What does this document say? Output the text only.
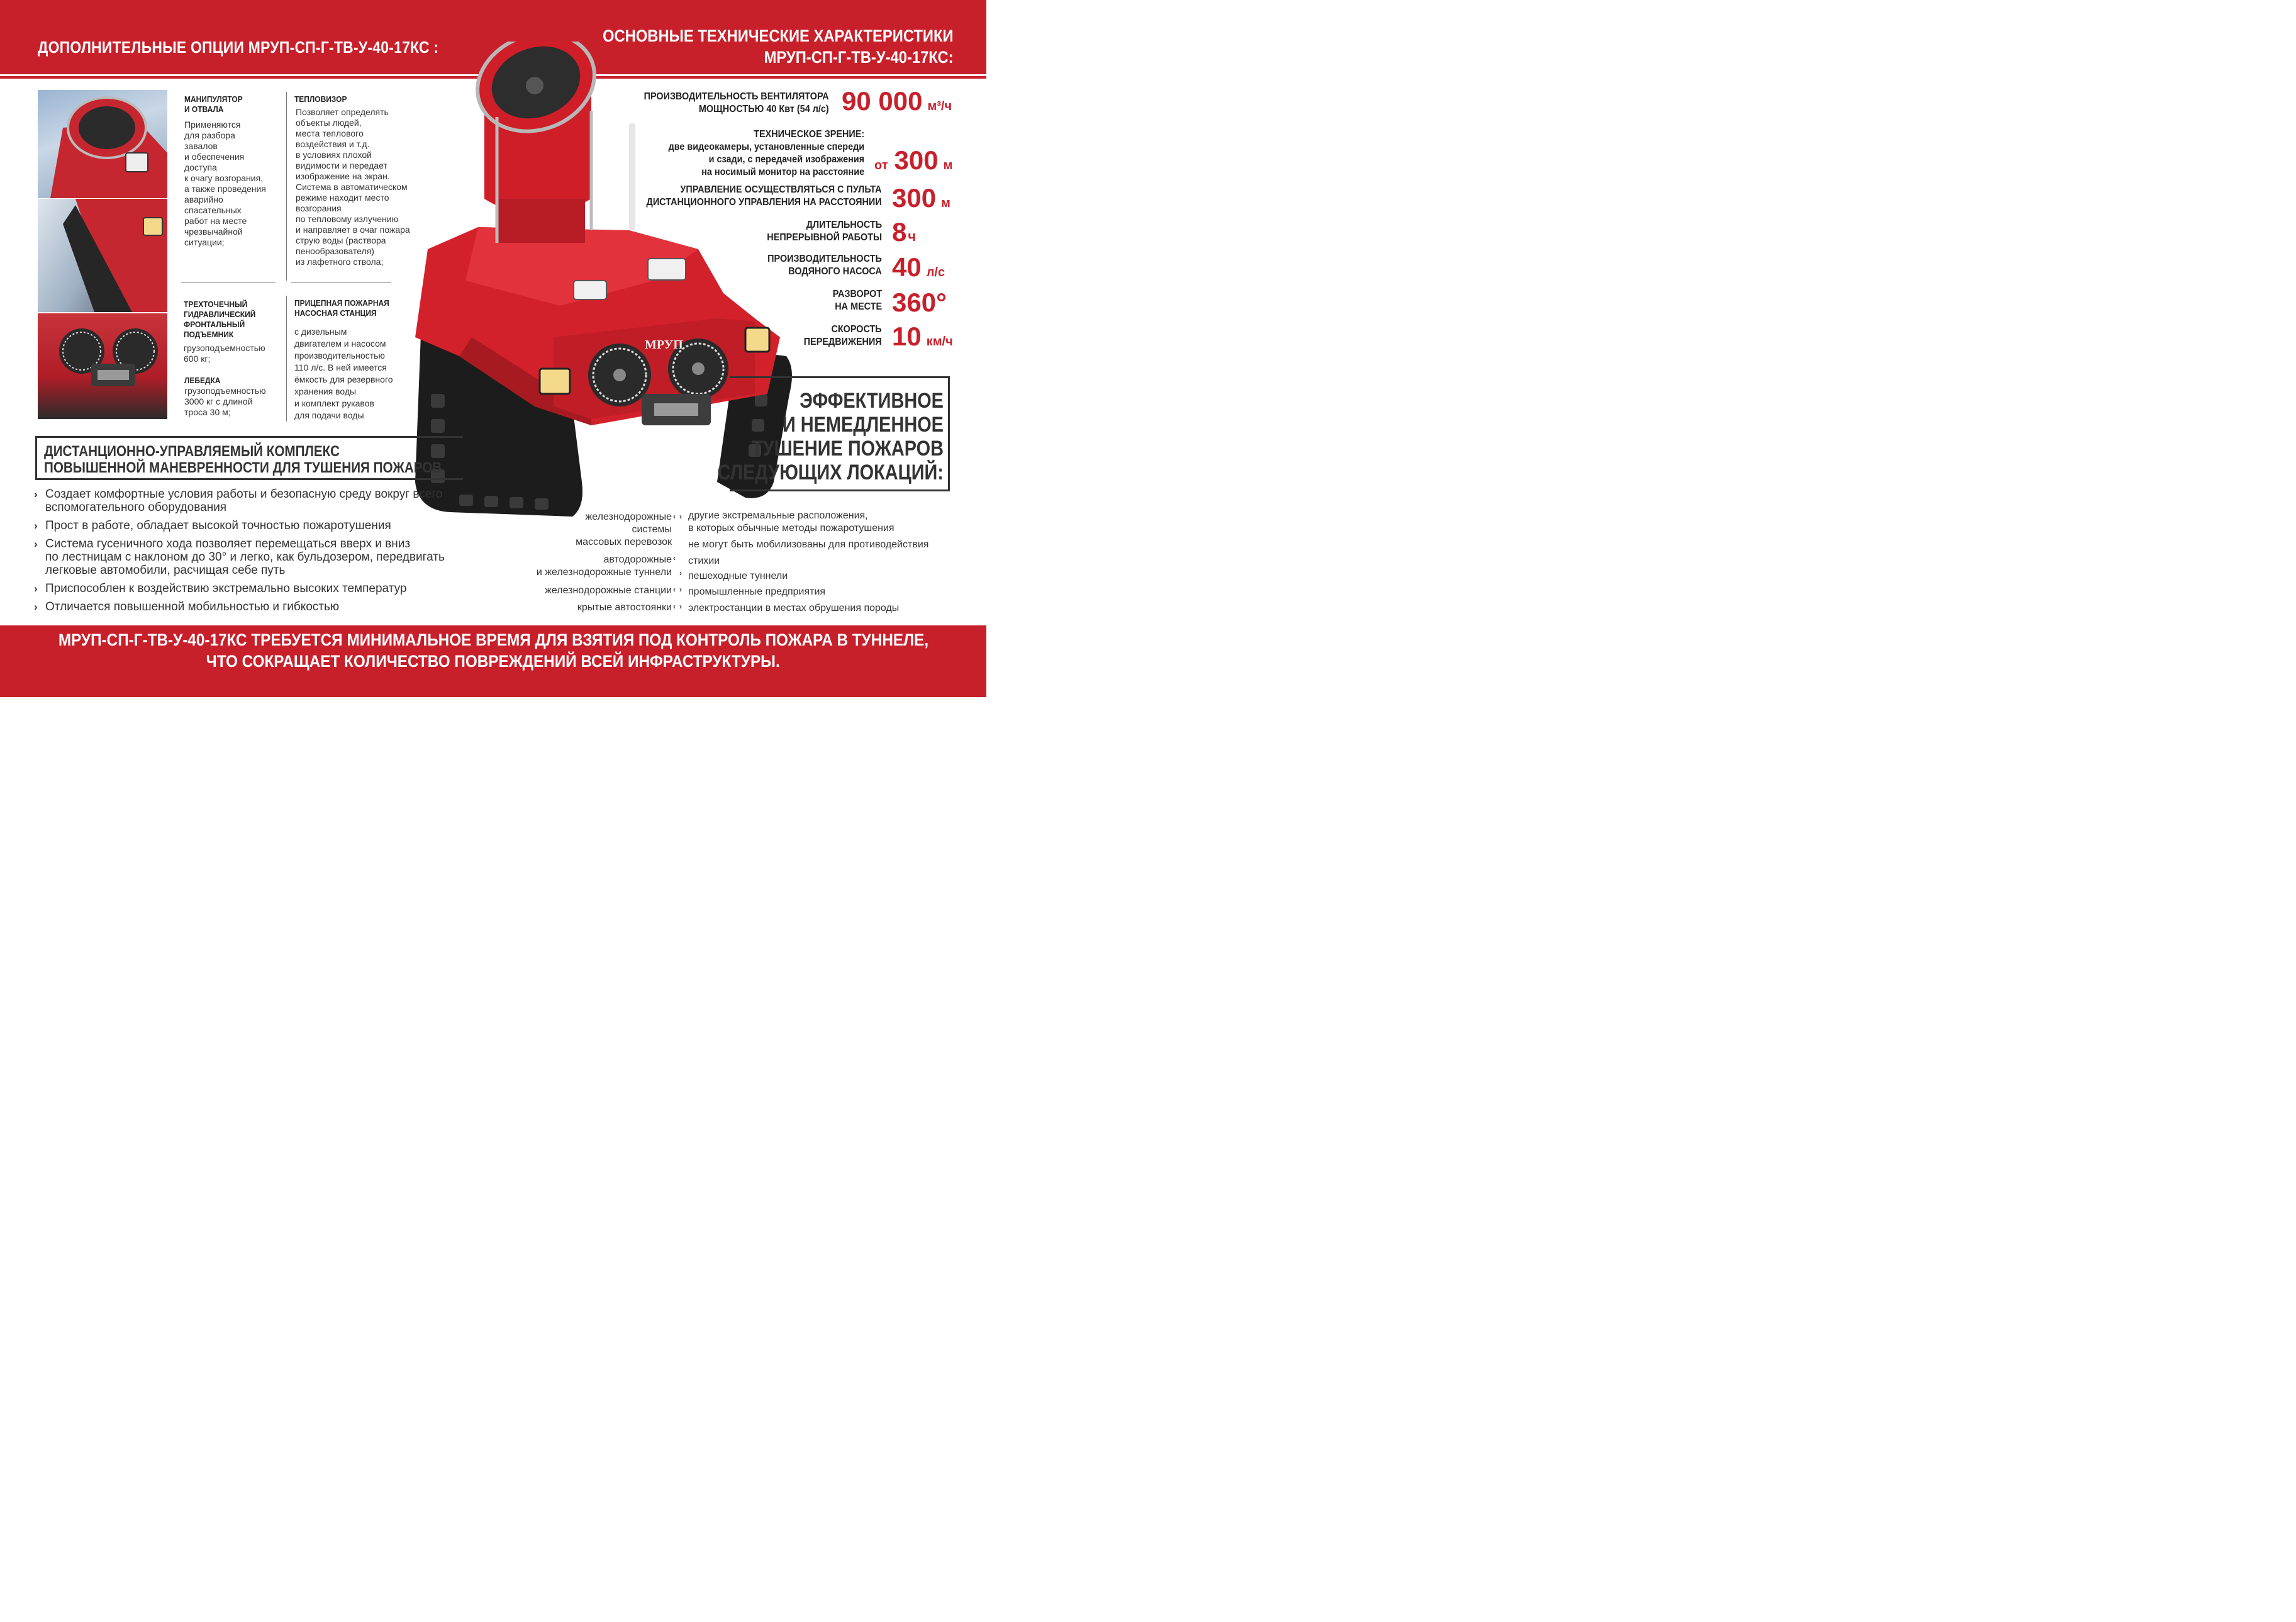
ДОПОЛНИТЕЛЬНЫЕ ОПЦИИ МРУП-СП-Г-ТВ-У-40-17КС :
ОСНОВНЫЕ ТЕХНИЧЕСКИЕ ХАРАКТЕРИСТИКИ
МРУП-СП-Г-ТВ-У-40-17КС:
МРУП
МАНИПУЛЯТОР
И ОТВАЛА
Применяются
для разбора
завалов
и обеспечения
доступа
к очагу возгорания,
а также проведения
аварийно
спасательных
работ на месте
чрезвычайной
ситуации;
ТЕПЛОВИЗОР
Позволяет определять
объекты людей,
места теплового
воздействия и т.д.
в условиях плохой
видимости и передает
изображение на экран.
Система в автоматическом
режиме находит место
возгорания
по тепловому излучению
и направляет в очаг пожара
струю воды (раствора
пенообразователя)
из лафетного ствола;
ТРЕХТОЧЕЧНЫЙ
ГИДРАВЛИЧЕСКИЙ
ФРОНТАЛЬНЫЙ
ПОДЪЕМНИК
грузоподъемностью
600 кг;
ЛЕБЕДКА
грузоподъемностью
3000 кг с длиной
троса 30 м;
ПРИЦЕПНАЯ ПОЖАРНАЯ
НАСОСНАЯ СТАНЦИЯ
с дизельным
двигателем и насосом
производительностью
110 л/с. В ней имеется
ёмкость для резервного
хранения воды
и комплект рукавов
для подачи воды
ПРОИЗВОДИТЕЛЬНОСТЬ ВЕНТИЛЯТОРА
МОЩНОСТЬЮ 40 Квт (54 л/с) 90 000 м³/ч
ТЕХНИЧЕСКОЕ ЗРЕНИЕ:
две видеокамеры, установленные спереди
и сзади, с передачей изображения
на носимый монитор на расстояние от 300 м
УПРАВЛЕНИЕ ОСУЩЕСТВЛЯТЬСЯ С ПУЛЬТА
ДИСТАНЦИОННОГО УПРАВЛЕНИЯ НА РАССТОЯНИИ 300 м
ДЛИТЕЛЬНОСТЬ
НЕПРЕРЫВНОЙ РАБОТЫ 8ч
ПРОИЗВОДИТЕЛЬНОСТЬ
ВОДЯНОГО НАСОСА 40 л/с
РАЗВОРОТ
НА МЕСТЕ 360°
СКОРОСТЬ
ПЕРЕДВИЖЕНИЯ 10 км/ч
ЭФФЕКТИВНОЕ
И НЕМЕДЛЕННОЕ
ТУШЕНИЕ ПОЖАРОВ
СЛЕДУЮЩИХ ЛОКАЦИЙ:
ДИСТАНЦИОННО-УПРАВЛЯЕМЫЙ КОМПЛЕКС
ПОВЫШЕННОЙ МАНЕВРЕННОСТИ ДЛЯ ТУШЕНИЯ ПОЖАРОВ
› Создает комфортные условия работы и безопасную среду вокруг всего
вспомогательного оборудования
› Прост в работе, обладает высокой точностью пожаротушения
› Система гусеничного хода позволяет перемещаться вверх и вниз
по лестницам с наклоном до 30° и легко, как бульдозером, передвигать
легковые автомобили, расчищая себе путь
› Приспособлен к воздействию экстремально высоких температур
› Отличается повышенной мобильностью и гибкостью
железнодорожные
системы
массовых перевозок
автодорожные
и железнодорожные туннели
железнодорожные станции
крытые автостоянки
‹ ›
‹
›
‹ ›
‹ ›
другие экстремальные расположения,
в которых обычные методы пожаротушения
не могут быть мобилизованы для противодействия
стихии
пешеходные туннели
промышленные предприятия
электростанции в местах обрушения породы
МРУП-СП-Г-ТВ-У-40-17КС ТРЕБУЕТСЯ МИНИМАЛЬНОЕ ВРЕМЯ ДЛЯ ВЗЯТИЯ ПОД КОНТРОЛЬ ПОЖАРА В ТУННЕЛЕ,
ЧТО СОКРАЩАЕТ КОЛИЧЕСТВО ПОВРЕЖДЕНИЙ ВСЕЙ ИНФРАСТРУКТУРЫ.
